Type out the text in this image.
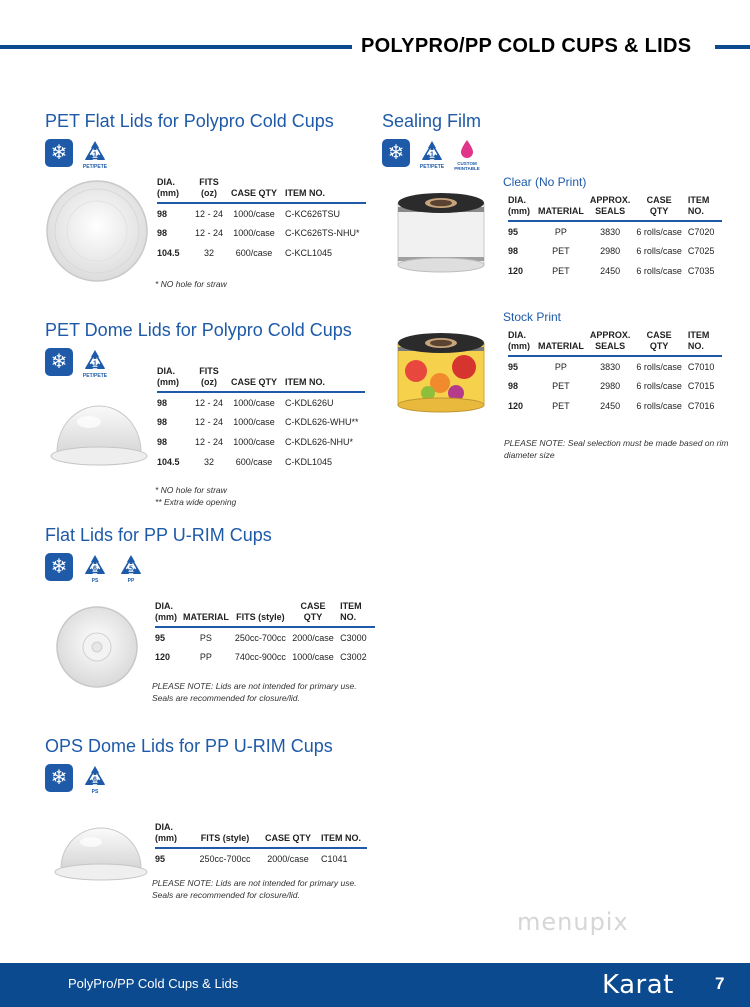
POLYPRO/PP COLD CUPS & LIDS
PET Flat Lids for Polypro Cold Cups
❄	1
PET/PETE
DIA.
(mm)	FITS
(oz)	CASE QTY	ITEM NO.
98	12 - 24	1000/case	C-KC626TSU
98	12 - 24	1000/case	C-KC626TS-NHU*
104.5	32	600/case	C-KCL1045
* NO hole for straw
PET Dome Lids for Polypro Cold Cups
❄	1
PET/PETE	DIA.
(mm)	FITS
(oz)	CASE QTY	ITEM NO.
98	12 - 24	1000/case	C-KDL626U
98	12 - 24	1000/case	C-KDL626-WHU**
98	12 - 24	1000/case	C-KDL626-NHU*
104.5	32	600/case	C-KDL1045
* NO hole for straw
** Extra wide opening
Flat Lids for PP U-RIM Cups
❄	6
PS
5
PP
DIA.
(mm)	MATERIAL	FITS (style)	CASE QTY	ITEM NO.
95	PS	250cc-700cc	2000/case	C3000
120	PP	740cc-900cc	1000/case	C3002
PLEASE NOTE: Lids are not intended for primary use.
Seals are recommended for closure/lid.
OPS Dome Lids for PP U-RIM Cups
❄	6
PS
DIA.
(mm)	FITS (style)	CASE QTY	ITEM NO.
95	250cc-700cc	2000/case	C1041
PLEASE NOTE: Lids are not intended for primary use.
Seals are recommended for closure/lid.
Sealing Film
❄	1
PET/PETE
CUSTOM
PRINTABLE
Clear (No Print)
DIA.
(mm)	MATERIAL	APPROX.
SEALS	CASE QTY	ITEM NO.
95	PP	3830	6 rolls/case	C7020
98	PET	2980	6 rolls/case	C7025
120	PET	2450	6 rolls/case	C7035
Stock Print
DIA.
(mm)	MATERIAL	APPROX.
SEALS	CASE QTY	ITEM NO.
95	PP	3830	6 rolls/case	C7010
98	PET	2980	6 rolls/case	C7015
120	PET	2450	6 rolls/case	C7016
PLEASE NOTE: Seal selection must be made based on rim
diameter size
menupix
PolyPro/PP Cold Cups & Lids	Karat 7
